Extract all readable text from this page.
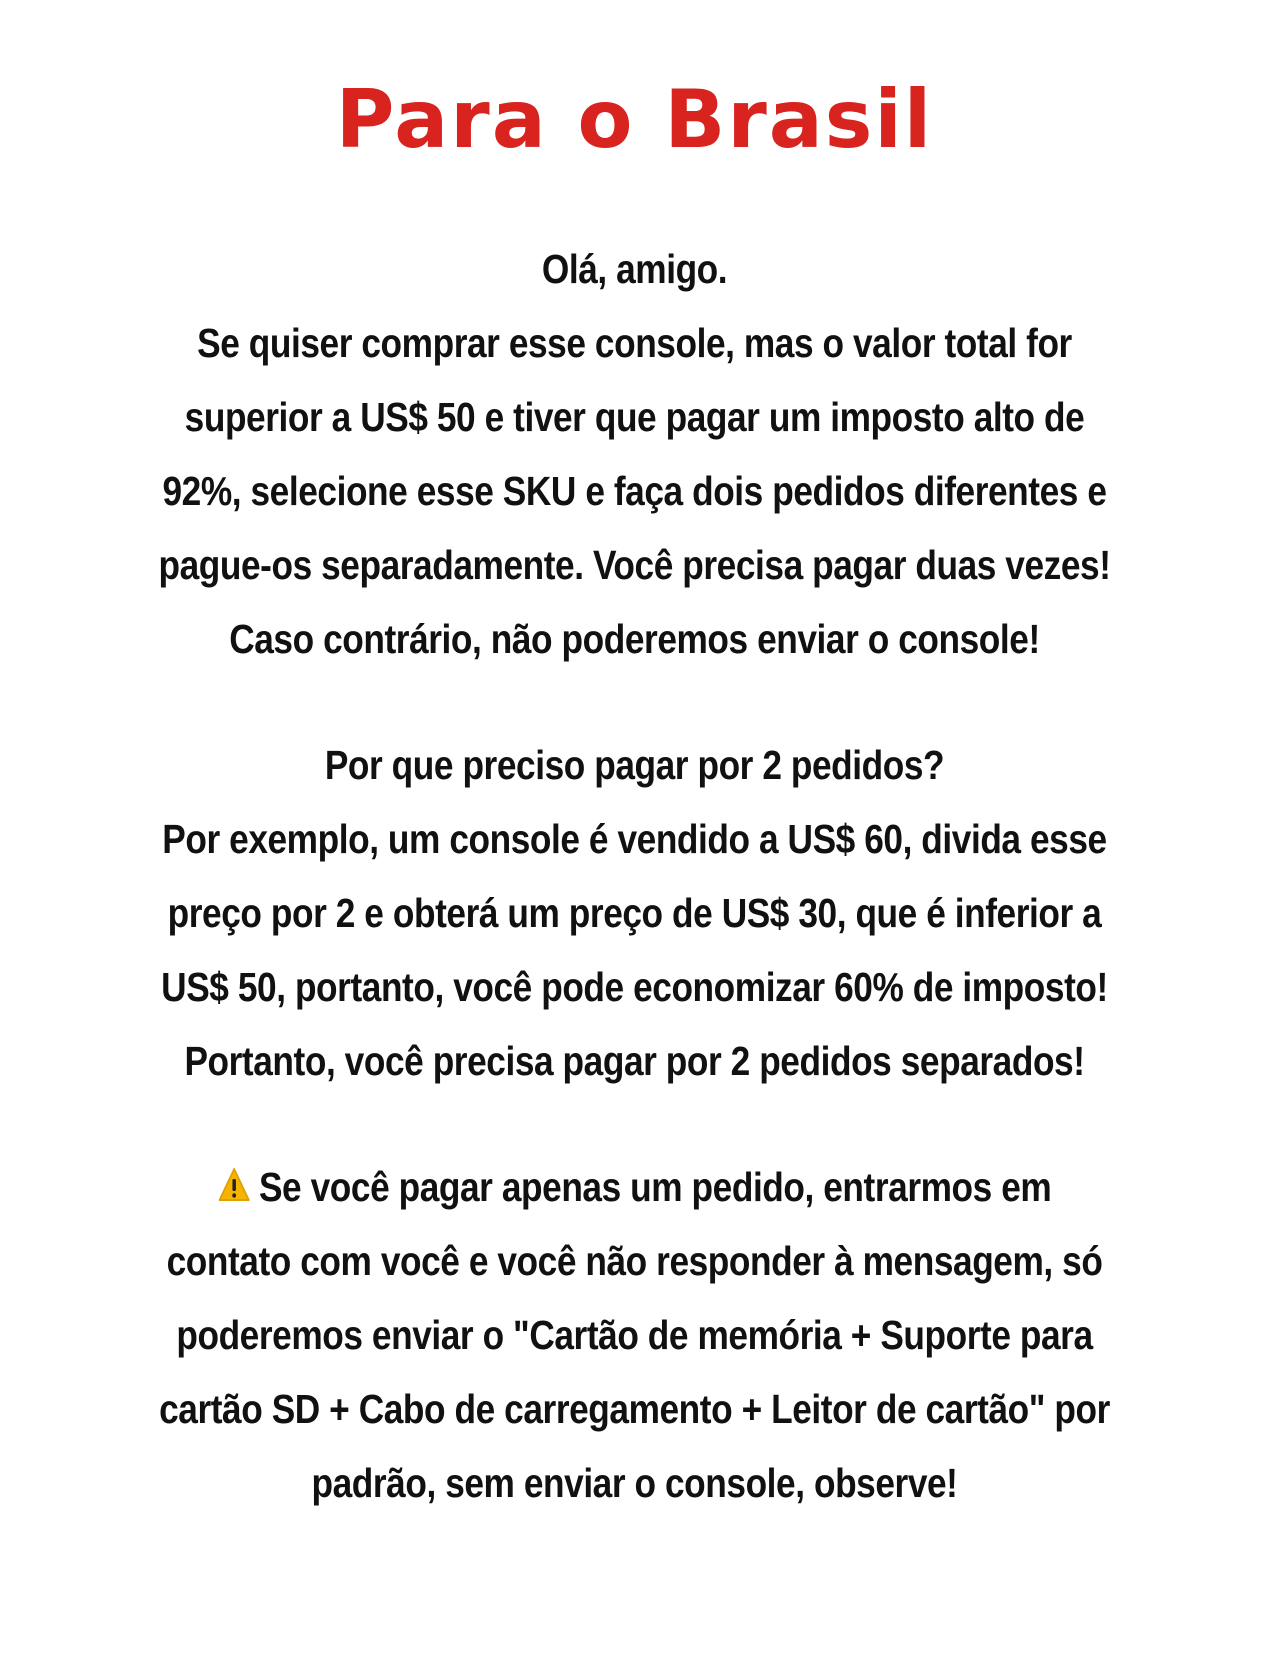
Para o Brasil
Olá, amigo.
Se quiser comprar esse console, mas o valor total for
superior a US$ 50 e tiver que pagar um imposto alto de
92%, selecione esse SKU e faça dois pedidos diferentes e
pague-os separadamente. Você precisa pagar duas vezes!
Caso contrário, não poderemos enviar o console!
Por que preciso pagar por 2 pedidos?
Por exemplo, um console é vendido a US$ 60, divida esse
preço por 2 e obterá um preço de US$ 30, que é inferior a
US$ 50, portanto, você pode economizar 60% de imposto!
Portanto, você precisa pagar por 2 pedidos separados!
Se você pagar apenas um pedido, entrarmos em
contato com você e você não responder à mensagem, só
poderemos enviar o "Cartão de memória + Suporte para
cartão SD + Cabo de carregamento + Leitor de cartão" por
padrão, sem enviar o console, observe!
